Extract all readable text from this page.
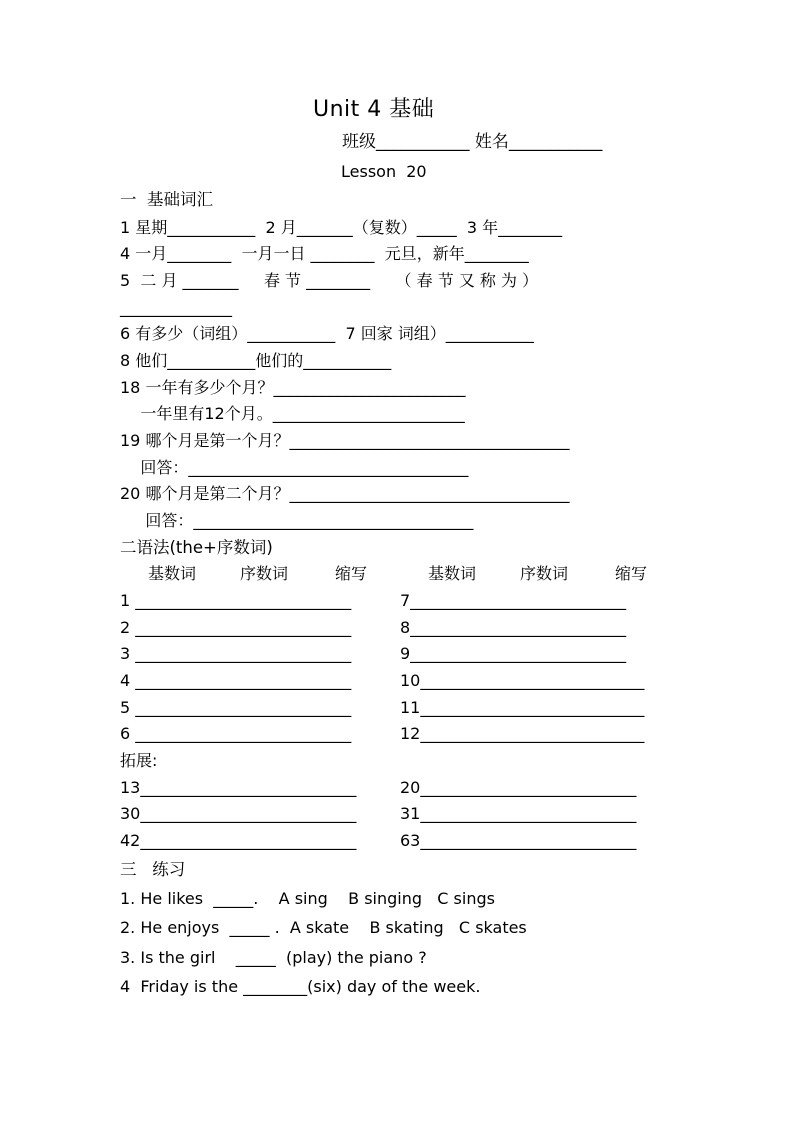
Unit 4 基础
班级___________ 姓名___________
Lesson  20
一  基础词汇
1 星期___________  2 月_______（复数）_____  3 年________
4 一月________  一月一日 ________  元旦，新年________
5  二 月 _______     春 节 ________     （ 春 节 又 称 为 ）
______________
6 有多少（词组）___________  7 回家 词组）___________
8 他们___________他们的___________
18 一年有多少个月？________________________
一年里有12个月。________________________
19 哪个月是第一个月？___________________________________
回答：___________________________________
20 哪个月是第二个月？___________________________________
回答：___________________________________
二语法(the+序数词)
基数词	序数词	缩写	基数词	序数词	缩写
1 ___________________________	7___________________________
2 ___________________________	8___________________________
3 ___________________________	9___________________________
4 ___________________________	10____________________________
5 ___________________________	11____________________________
6 ___________________________	12____________________________
拓展:
13___________________________	20___________________________
30___________________________	31___________________________
42___________________________	63___________________________
三   练习
1. He likes  _____.    A sing    B singing   C sings
2. He enjoys  _____ .  A skate    B skating   C skates
3. Is the girl    _____  (play) the piano ?
4  Friday is the ________(six) day of the week.
